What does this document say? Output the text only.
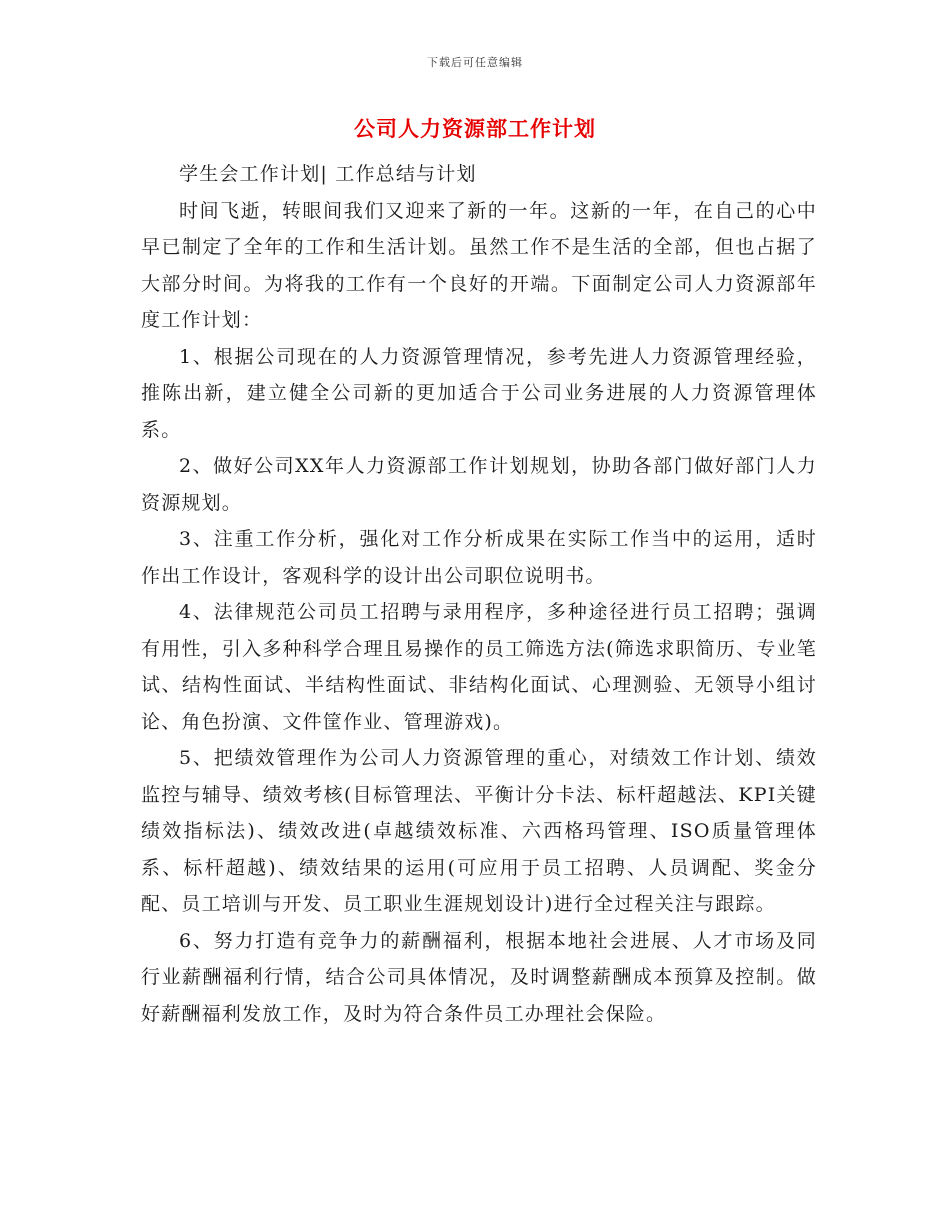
下载后可任意编辑
公司人力资源部工作计划

学生会工作计划| 工作总结与计划

时间飞逝，转眼间我们又迎来了新的一年。这新的一年，在自己的心中早已制定了全年的工作和生活计划。虽然工作不是生活的全部，但也占据了大部分时间。为将我的工作有一个良好的开端。下面制定公司人力资源部年度工作计划：

1、根据公司现在的人力资源管理情况，参考先进人力资源管理经验，推陈出新，建立健全公司新的更加适合于公司业务进展的人力资源管理体系。

2、做好公司XX年人力资源部工作计划规划，协助各部门做好部门人力资源规划。

3、注重工作分析，强化对工作分析成果在实际工作当中的运用，适时作出工作设计，客观科学的设计出公司职位说明书。

4、法律规范公司员工招聘与录用程序，多种途径进行员工招聘；强调有用性，引入多种科学合理且易操作的员工筛选方法(筛选求职简历、专业笔试、结构性面试、半结构性面试、非结构化面试、心理测验、无领导小组讨论、角色扮演、文件筐作业、管理游戏)。

5、把绩效管理作为公司人力资源管理的重心，对绩效工作计划、绩效监控与辅导、绩效考核(目标管理法、平衡计分卡法、标杆超越法、KPI关键绩效指标法)、绩效改进(卓越绩效标准、六西格玛管理、ISO质量管理体系、标杆超越)、绩效结果的运用(可应用于员工招聘、人员调配、奖金分配、员工培训与开发、员工职业生涯规划设计)进行全过程关注与跟踪。

6、努力打造有竞争力的薪酬福利，根据本地社会进展、人才市场及同行业薪酬福利行情，结合公司具体情况，及时调整薪酬成本预算及控制。做好薪酬福利发放工作，及时为符合条件员工办理社会保险。
